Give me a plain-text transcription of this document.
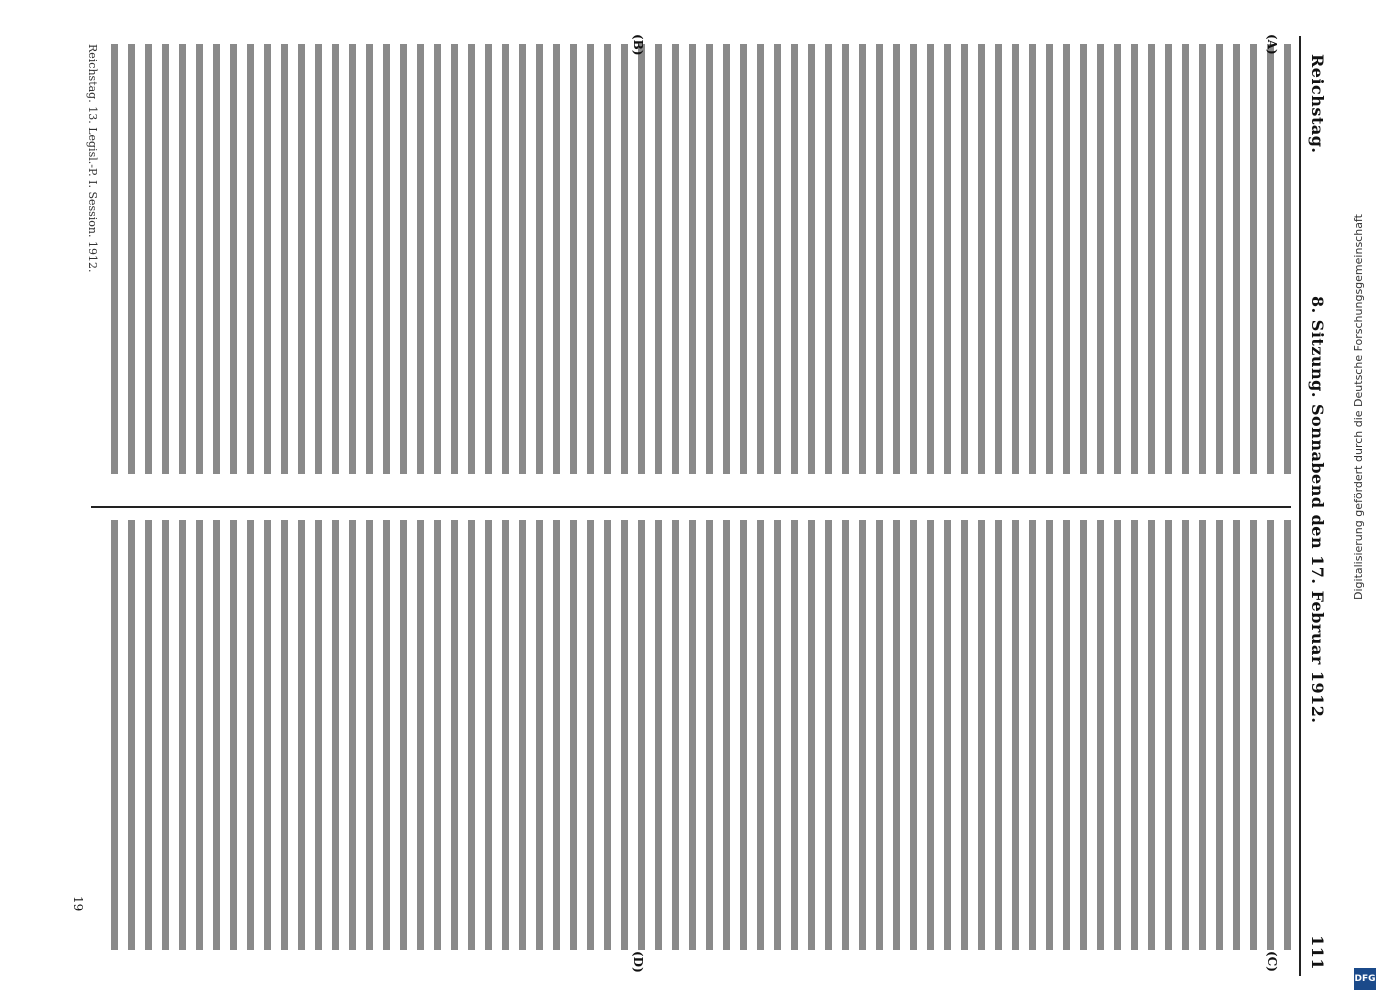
Reichstag.
8. Sitzung. Sonnabend den 17. Februar 1912.
111
(A)
(B)
(C)
(D)
Reichstag. 13. Legisl.-P. I. Session. 1912.
19
Digitalisierung gefördert durch die Deutsche Forschungsgemeinschaft
DFG
